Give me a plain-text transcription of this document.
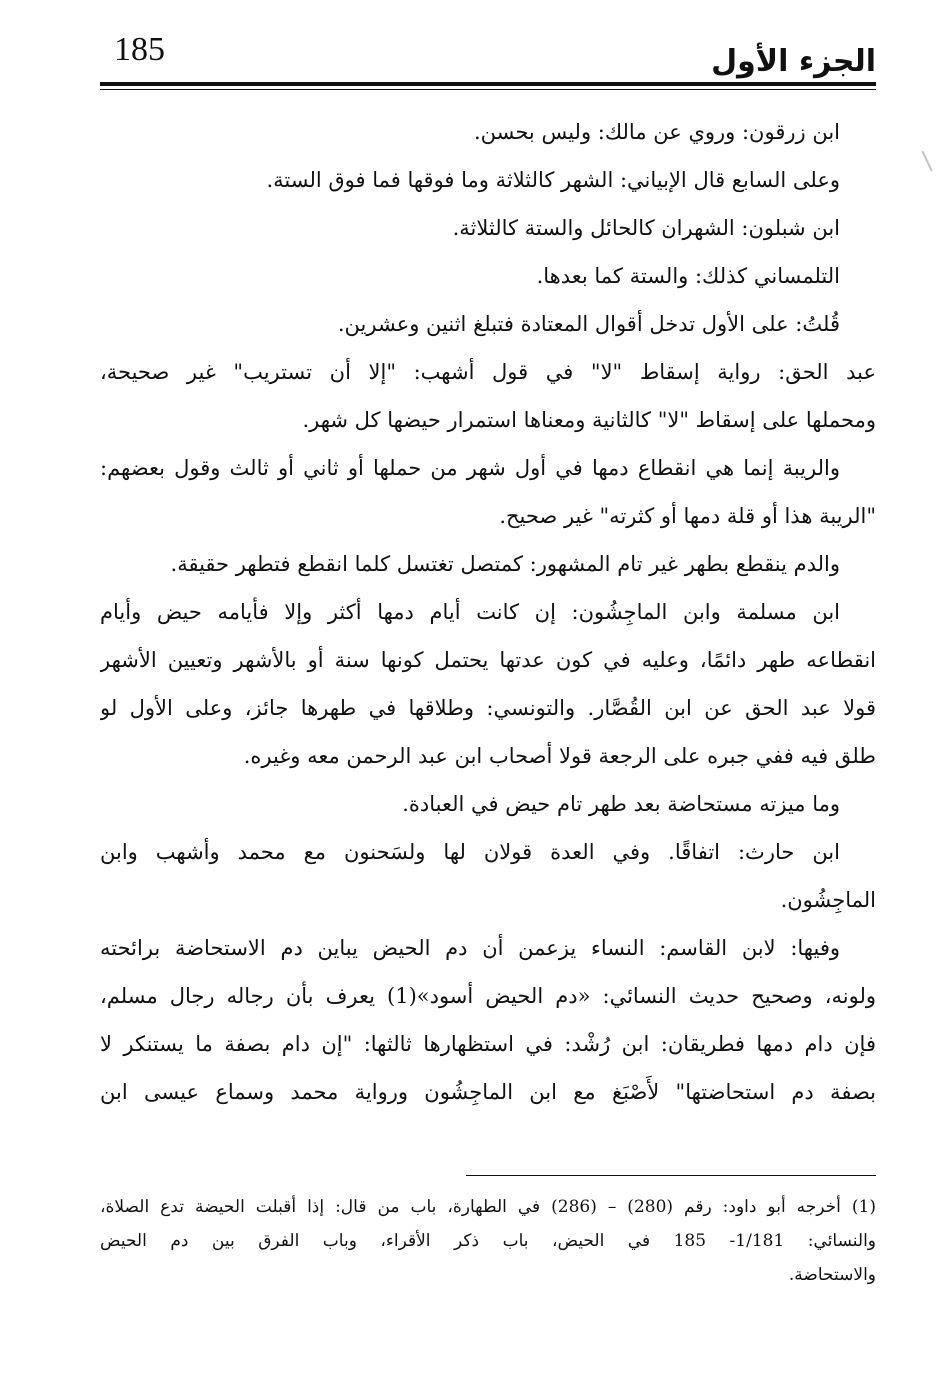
185	الجزء الأول
ابن زرقون: وروي عن مالك: وليس بحسن.
وعلى السابع قال الإبياني: الشهر كالثلاثة وما فوقها فما فوق الستة.
ابن شبلون: الشهران كالحائل والستة كالثلاثة.
التلمساني كذلك: والستة كما بعدها.
قُلتُ: على الأول تدخل أقوال المعتادة فتبلغ اثنين وعشرين.
عبد الحق: رواية إسقاط "لا" في قول أشهب: "إلا أن تستريب" غير صحيحة،
ومحملها على إسقاط "لا" كالثانية ومعناها استمرار حيضها كل شهر.
والريبة إنما هي انقطاع دمها في أول شهر من حملها أو ثاني أو ثالث وقول بعضهم:
"الريبة هذا أو قلة دمها أو كثرته" غير صحيح.
والدم ينقطع بطهر غير تام المشهور: كمتصل تغتسل كلما انقطع فتطهر حقيقة.
ابن مسلمة وابن الماجِشُون: إن كانت أيام دمها أكثر وإلا فأيامه حيض وأيام
انقطاعه طهر دائمًا، وعليه في كون عدتها يحتمل كونها سنة أو بالأشهر وتعيين الأشهر
قولا عبد الحق عن ابن القُصَّار. والتونسي: وطلاقها في طهرها جائز، وعلى الأول لو
طلق فيه ففي جبره على الرجعة قولا أصحاب ابن عبد الرحمن معه وغيره.
وما ميزته مستحاضة بعد طهر تام حيض في العبادة.
ابن حارث: اتفاقًا. وفي العدة قولان لها ولسَحنون مع محمد وأشهب وابن
الماجِشُون.
وفيها: لابن القاسم: النساء يزعمن أن دم الحيض يباين دم الاستحاضة برائحته
ولونه، وصحيح حديث النسائي: «دم الحيض أسود»(1) يعرف بأن رجاله رجال مسلم،
فإن دام دمها فطريقان: ابن رُشْد: في استظهارها ثالثها: "إن دام بصفة ما يستنكر لا
بصفة دم استحاضتها" لأَصْبَغ مع ابن الماجِشُون ورواية محمد وسماع عيسى ابن
(1) أخرجه أبو داود: رقم (280) – (286) في الطهارة، باب من قال: إذا أقبلت الحيضة تدع الصلاة،
والنسائي: 1/181- 185 في الحيض، باب ذكر الأقراء، وباب الفرق بين دم الحيض
والاستحاضة.
